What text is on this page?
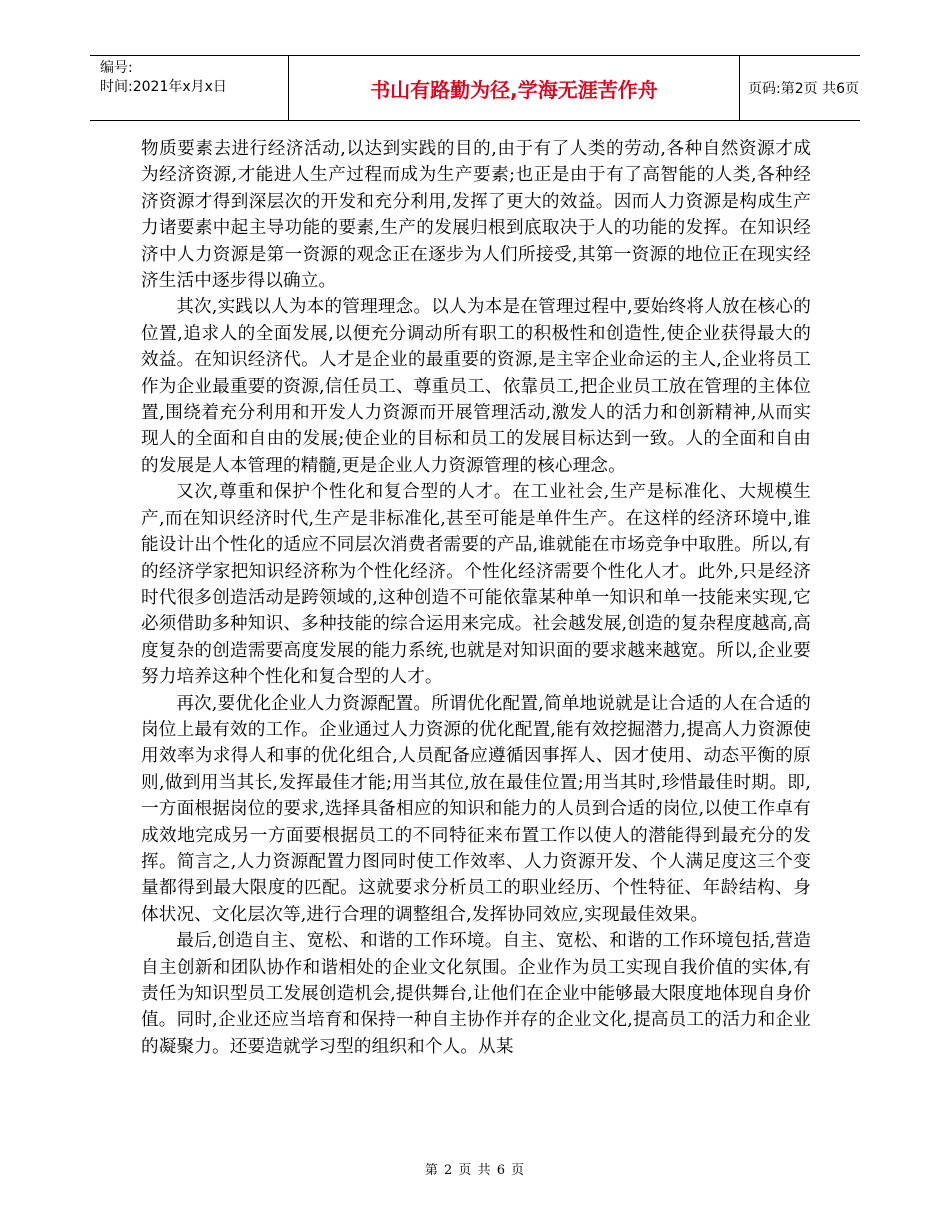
编号:
时间:2021年x月x日	书山有路勤为径,学海无涯苦作舟	页码:第2页 共6页

物质要素去进行经济活动,以达到实践的目的,由于有了人类的劳动,各种自然资源才成为经济资源,才能进人生产过程而成为生产要素;也正是由于有了高智能的人类,各种经济资源才得到深层次的开发和充分利用,发挥了更大的效益。因而人力资源是构成生产力诸要素中起主导功能的要素,生产的发展归根到底取决于人的功能的发挥。在知识经济中人力资源是第一资源的观念正在逐步为人们所接受,其第一资源的地位正在现实经济生活中逐步得以确立。

其次,实践以人为本的管理理念。以人为本是在管理过程中,要始终将人放在核心的位置,追求人的全面发展,以便充分调动所有职工的积极性和创造性,使企业获得最大的效益。在知识经济代。人才是企业的最重要的资源,是主宰企业命运的主人,企业将员工作为企业最重要的资源,信任员工、尊重员工、依靠员工,把企业员工放在管理的主体位置,围绕着充分利用和开发人力资源而开展管理活动,激发人的活力和创新精神,从而实现人的全面和自由的发展;使企业的目标和员工的发展目标达到一致。人的全面和自由的发展是人本管理的精髓,更是企业人力资源管理的核心理念。

又次,尊重和保护个性化和复合型的人才。在工业社会,生产是标准化、大规模生产,而在知识经济时代,生产是非标准化,甚至可能是单件生产。在这样的经济环境中,谁能设计出个性化的适应不同层次消费者需要的产品,谁就能在市场竞争中取胜。所以,有的经济学家把知识经济称为个性化经济。个性化经济需要个性化人才。此外,只是经济时代很多创造活动是跨领域的,这种创造不可能依靠某种单一知识和单一技能来实现,它必须借助多种知识、多种技能的综合运用来完成。社会越发展,创造的复杂程度越高,高度复杂的创造需要高度发展的能力系统,也就是对知识面的要求越来越宽。所以,企业要努力培养这种个性化和复合型的人才。

再次,要优化企业人力资源配置。所谓优化配置,简单地说就是让合适的人在合适的岗位上最有效的工作。企业通过人力资源的优化配置,能有效挖掘潜力,提高人力资源使用效率为求得人和事的优化组合,人员配备应遵循因事挥人、因才使用、动态平衡的原则,做到用当其长,发挥最佳才能;用当其位,放在最佳位置;用当其时,珍惜最佳时期。即,一方面根据岗位的要求,选择具备相应的知识和能力的人员到合适的岗位,以使工作卓有成效地完成另一方面要根据员工的不同特征来布置工作以使人的潜能得到最充分的发挥。简言之,人力资源配置力图同时使工作效率、人力资源开发、个人满足度这三个变量都得到最大限度的匹配。这就要求分析员工的职业经历、个性特征、年龄结构、身体状况、文化层次等,进行合理的调整组合,发挥协同效应,实现最佳效果。

最后,创造自主、宽松、和谐的工作环境。自主、宽松、和谐的工作环境包括,营造自主创新和团队协作和谐相处的企业文化氛围。企业作为员工实现自我价值的实体,有责任为知识型员工发展创造机会,提供舞台,让他们在企业中能够最大限度地体现自身价值。同时,企业还应当培育和保持一种自主协作并存的企业文化,提高员工的活力和企业的凝聚力。还要造就学习型的组织和个人。从某

第 2 页 共 6 页
